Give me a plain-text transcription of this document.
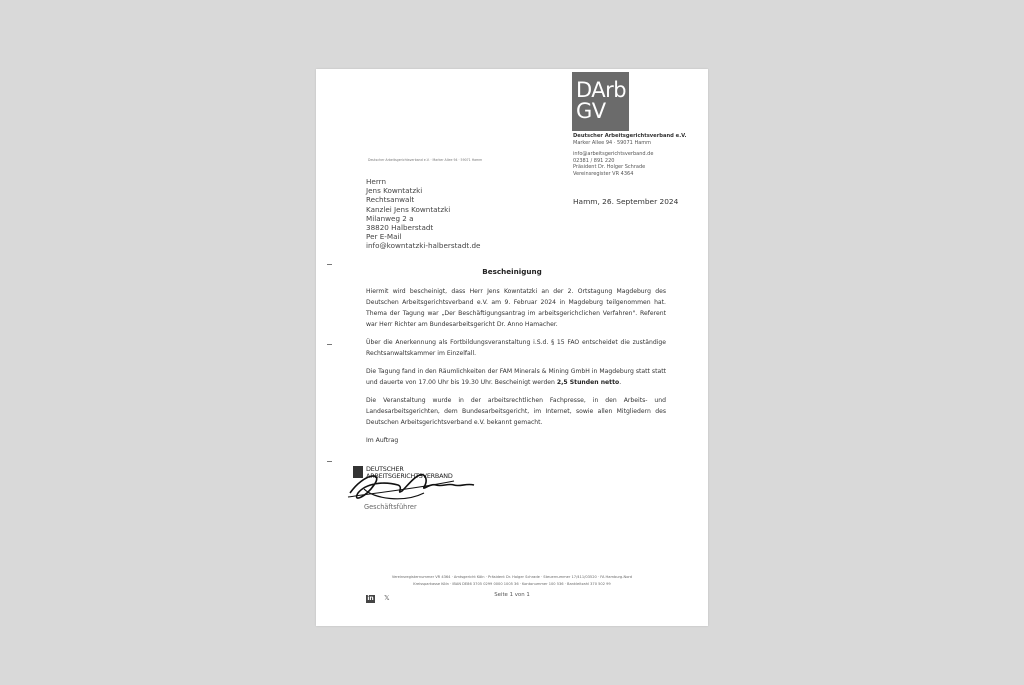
DArb
GV
Deutscher Arbeitsgerichtsverband e.V.
Marker Allee 94 · 59071 Hamm
info@arbeitsgerichtsverband.de
02381 / 891 220
Präsident Dr. Holger Schrade
Vereinsregister VR 4364
Hamm, 26. September 2024
Deutscher Arbeitsgerichtsverband e.V. · Marker Allee 94 · 59071 Hamm
Herrn
Jens Kowntatzki
Rechtsanwalt
Kanzlei Jens Kowntatzki
Milanweg 2 a
38820 Halberstadt
Per E-Mail
info@kowntatzki-halberstadt.de
Bescheinigung

Hiermit wird bescheinigt, dass Herr Jens Kowntatzki an der 2. Ortstagung Magdeburg des Deutschen Arbeitsgerichtsverband e.V. am 9. Februar 2024 in Magdeburg teilgenommen hat. Thema der Tagung war „Der Beschäftigungsantrag im arbeitsgerichclichen Verfahren". Referent war Herr Richter am Bundesarbeitsgericht Dr. Anno Hamacher.

Über die Anerkennung als Fortbildungsveranstaltung i.S.d. § 15 FAO entscheidet die zuständige Rechtsanwaltskammer im Einzelfall.

Die Tagung fand in den Räumlichkeiten der FAM Minerals & Mining GmbH in Magdeburg statt statt und dauerte von 17.00 Uhr bis 19.30 Uhr. Bescheinigt werden 2,5 Stunden netto.

Die Veranstaltung wurde in der arbeitsrechtlichen Fachpresse, in den Arbeits- und Landesarbeitsgerichten, dem Bundesarbeitsgericht, im Internet, sowie allen Mitgliedern des Deutschen Arbeitsgerichtsverband e.V. bekannt gemacht.

Im Auftrag

DEUTSCHER
ARBEITSGERICHTSVERBAND
Geschäftsführer
Vereinsregisternummer VR 4364 · Amtsgericht Köln · Präsident Dr. Holger Schrade · Steuernummer 17/411/03520 · FA Hamburg-Nord
Kreissparkasse Köln · IBAN DE86 3705 0299 0000 1005 36 · Kontonummer 100 536 · Bankleitzahl 370 502 99
in 𝕏	Seite 1 von 1
